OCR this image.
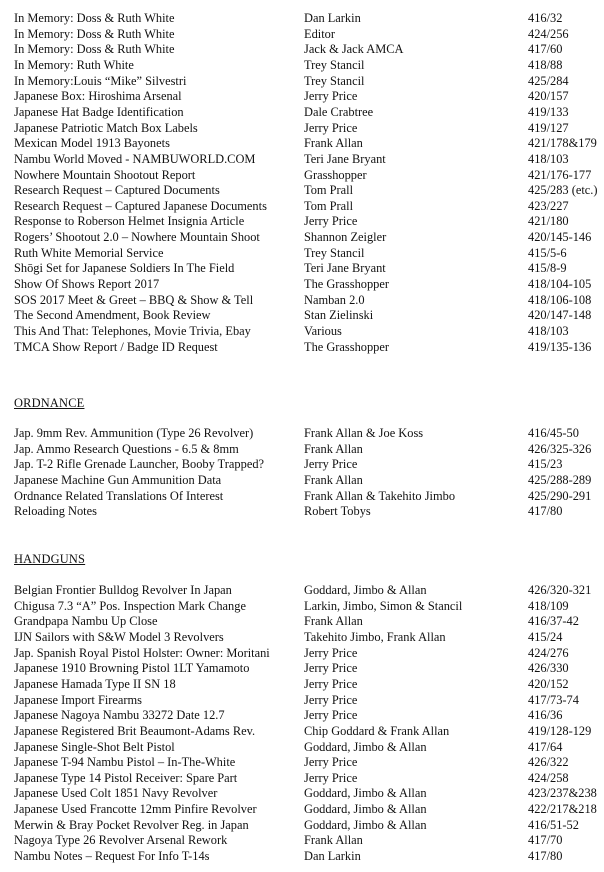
In Memory: Doss & Ruth White	Dan Larkin	416/32
In Memory: Doss & Ruth White	Editor	424/256
In Memory: Doss & Ruth White	Jack & Jack AMCA	417/60
In Memory: Ruth White	Trey Stancil	418/88
In Memory:Louis “Mike” Silvestri	Trey Stancil	425/284
Japanese Box: Hiroshima Arsenal	Jerry Price	420/157
Japanese Hat Badge Identification	Dale Crabtree	419/133
Japanese Patriotic Match Box Labels	Jerry Price	419/127
Mexican Model 1913 Bayonets	Frank Allan	421/178&179
Nambu World Moved - NAMBUWORLD.COM	Teri Jane Bryant	418/103
Nowhere Mountain Shootout Report	Grasshopper	421/176-177
Research Request – Captured Documents	Tom Prall	425/283 (etc.)
Research Request – Captured Japanese Documents	Tom Prall	423/227
Response to Roberson Helmet Insignia Article	Jerry Price	421/180
Rogers’ Shootout 2.0 – Nowhere Mountain Shoot	Shannon Zeigler	420/145-146
Ruth White Memorial Service	Trey Stancil	415/5-6
Shōgi Set for Japanese Soldiers In The Field	Teri Jane Bryant	415/8-9
Show Of Shows Report 2017	The Grasshopper	418/104-105
SOS 2017 Meet & Greet – BBQ & Show & Tell	Namban 2.0	418/106-108
The Second Amendment, Book Review	Stan Zielinski	420/147-148
This And That: Telephones, Movie Trivia, Ebay	Various	418/103
TMCA Show Report / Badge ID Request	The Grasshopper	419/135-136
ORDNANCE
Jap. 9mm Rev. Ammunition (Type 26 Revolver)	Frank Allan & Joe Koss	416/45-50
Jap. Ammo Research Questions - 6.5 & 8mm	Frank Allan	426/325-326
Jap. T-2 Rifle Grenade Launcher, Booby Trapped?	Jerry Price	415/23
Japanese Machine Gun Ammunition Data	Frank Allan	425/288-289
Ordnance Related Translations Of Interest	Frank Allan & Takehito Jimbo	425/290-291
Reloading Notes	Robert Tobys	417/80
HANDGUNS
Belgian Frontier Bulldog Revolver In Japan	Goddard, Jimbo & Allan	426/320-321
Chigusa 7.3 “A” Pos. Inspection Mark Change	Larkin, Jimbo, Simon & Stancil	418/109
Grandpapa Nambu Up Close	Frank Allan	416/37-42
IJN Sailors with S&W Model 3 Revolvers	Takehito Jimbo, Frank Allan	415/24
Jap. Spanish Royal Pistol Holster: Owner: Moritani	Jerry Price	424/276
Japanese 1910 Browning Pistol 1LT Yamamoto	Jerry Price	426/330
Japanese Hamada Type II SN 18	Jerry Price	420/152
Japanese Import Firearms	Jerry Price	417/73-74
Japanese Nagoya Nambu 33272 Date 12.7	Jerry Price	416/36
Japanese Registered Brit Beaumont-Adams Rev.	Chip Goddard & Frank Allan	419/128-129
Japanese Single-Shot Belt Pistol	Goddard, Jimbo & Allan	417/64
Japanese T-94 Nambu Pistol – In-The-White	Jerry Price	426/322
Japanese Type 14 Pistol Receiver: Spare Part	Jerry Price	424/258
Japanese Used Colt 1851 Navy Revolver	Goddard, Jimbo & Allan	423/237&238
Japanese Used Francotte 12mm Pinfire Revolver	Goddard, Jimbo & Allan	422/217&218
Merwin & Bray Pocket Revolver Reg. in Japan	Goddard, Jimbo & Allan	416/51-52
Nagoya Type 26 Revolver Arsenal Rework	Frank Allan	417/70
Nambu Notes – Request For Info T-14s	Dan Larkin	417/80
